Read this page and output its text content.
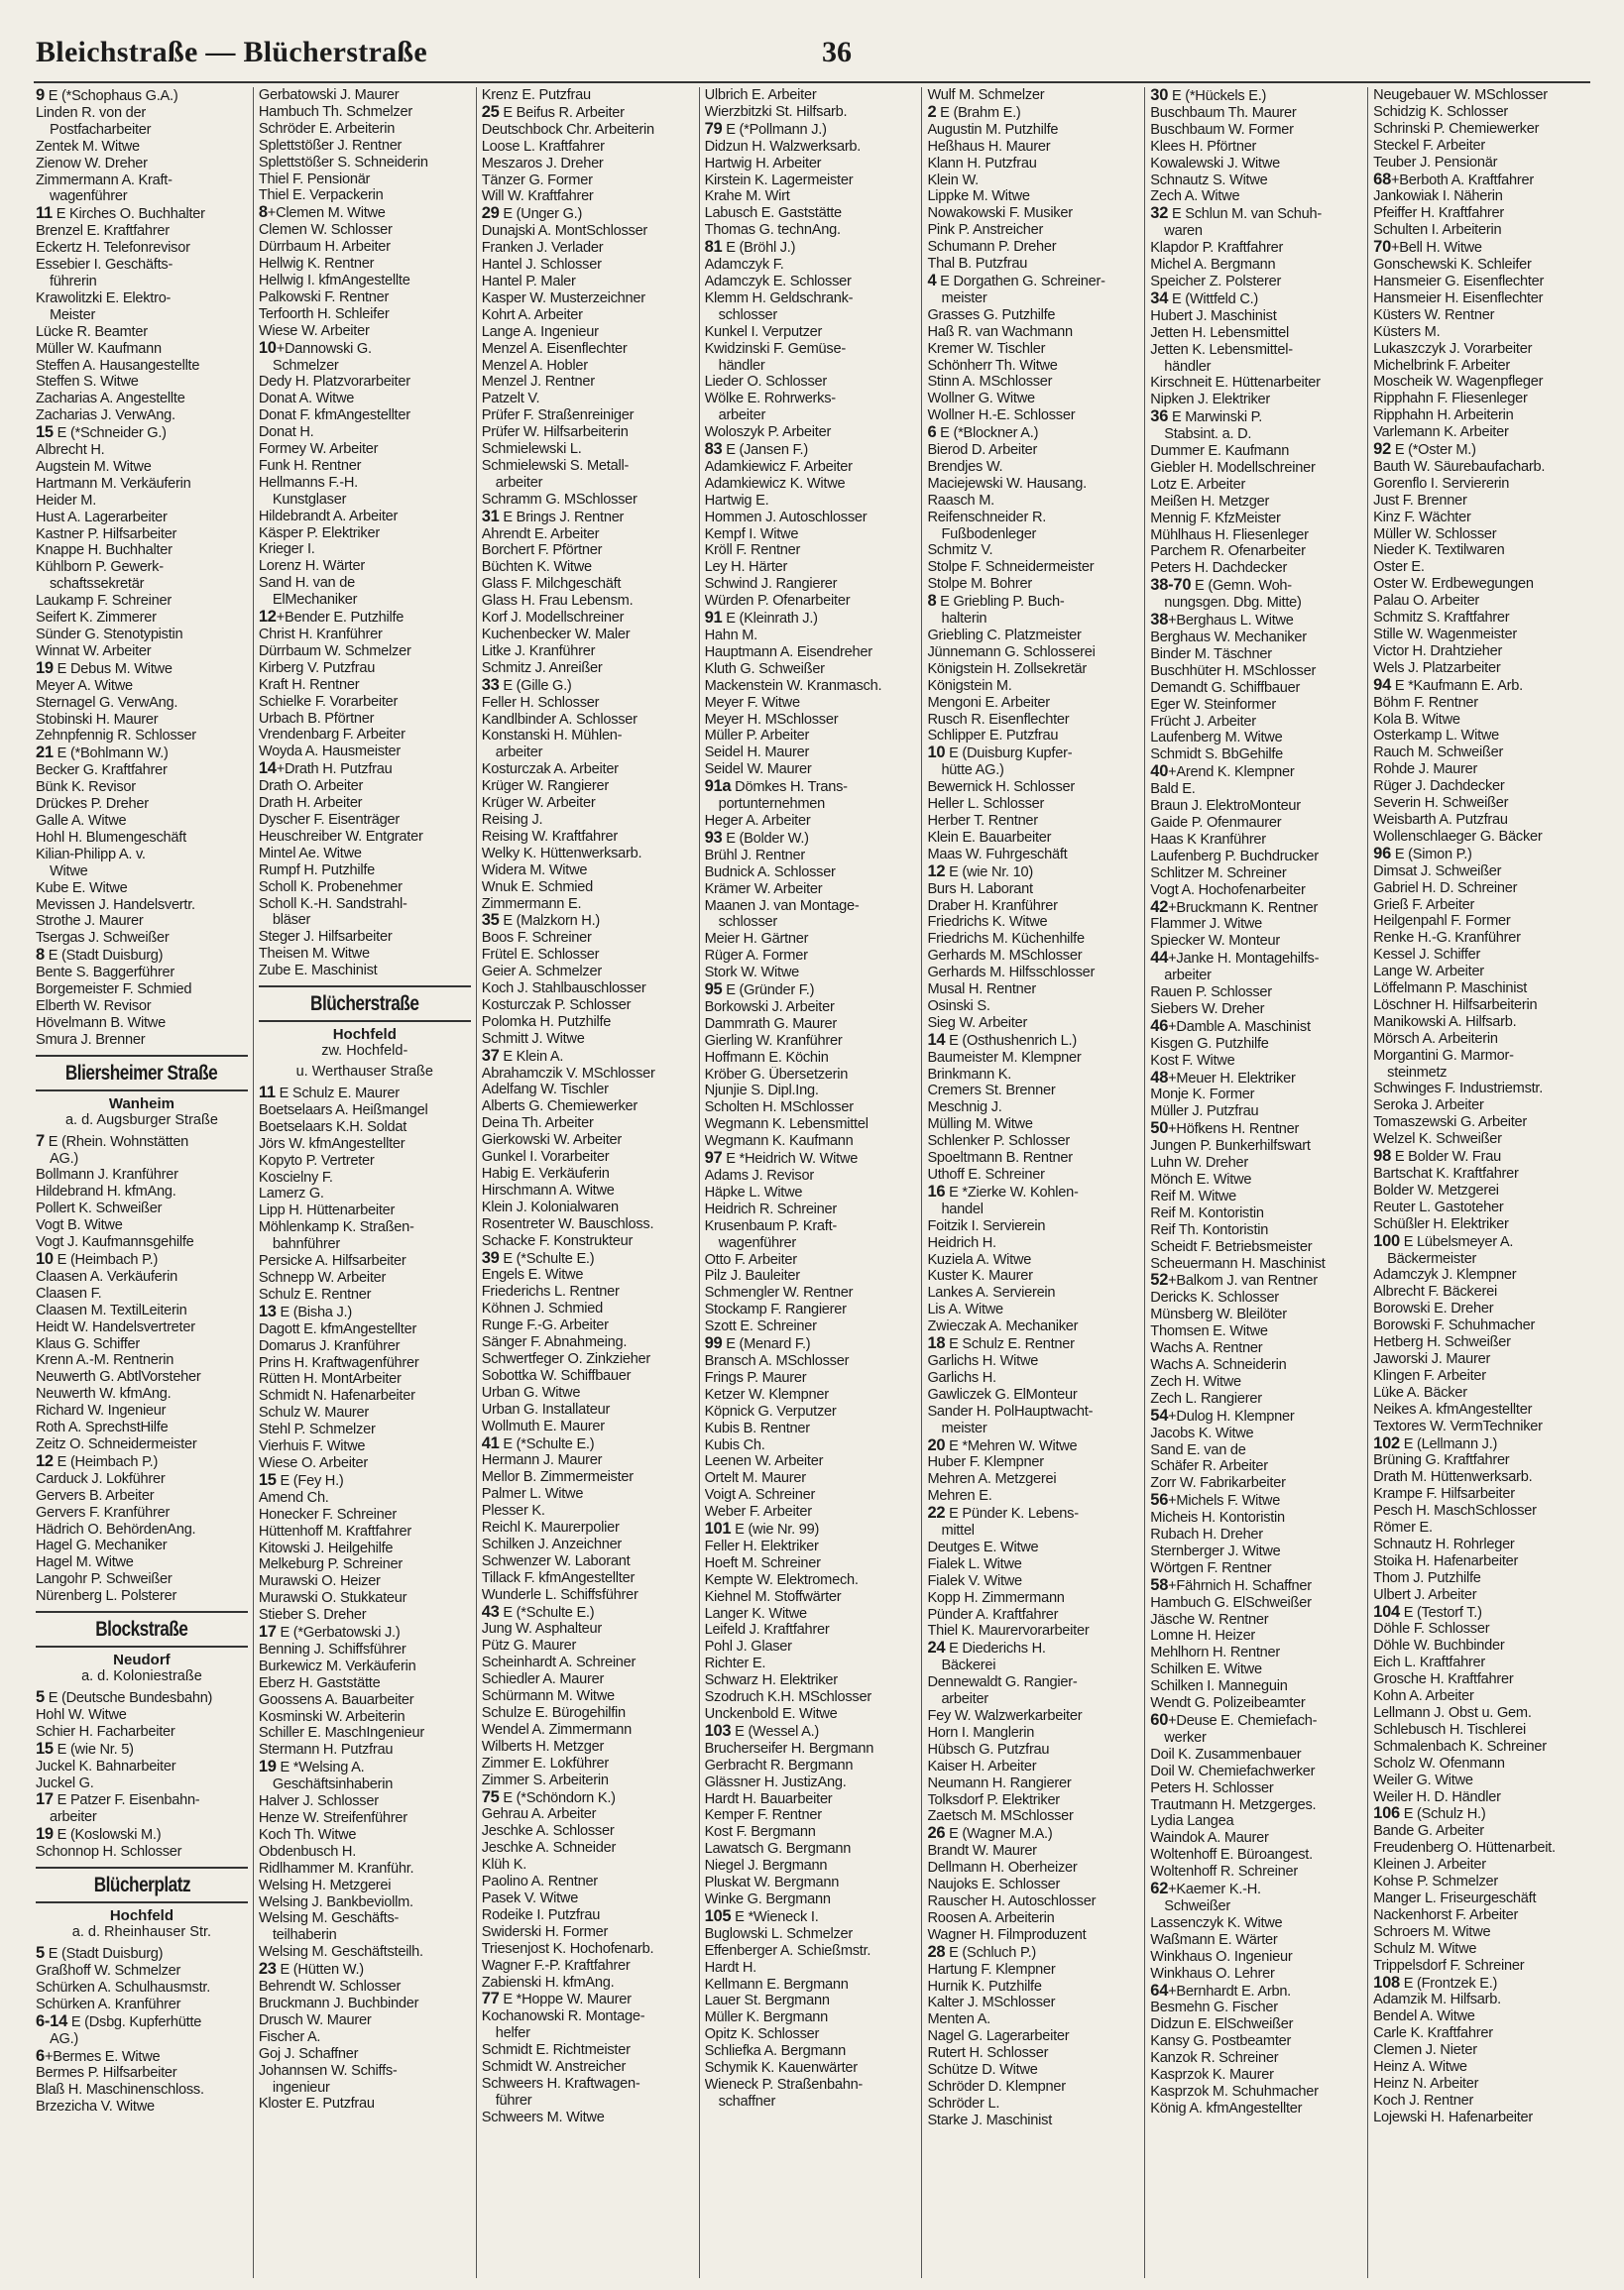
Bleichstraße — Blücherstraße	36
9 E (*Schophaus G.A.)
Linden R. von der
Postfacharbeiter
Zentek M. Witwe
Zienow W. Dreher
Zimmermann A. Kraft-
wagenführer
11 E Kirches O. Buchhalter
Brenzel E. Kraftfahrer
Eckertz H. Telefonrevisor
Essebier I. Geschäfts-
führerin
Krawolitzki E. Elektro-
Meister
Lücke R. Beamter
Müller W. Kaufmann
Steffen A. Hausangestellte
Steffen S. Witwe
Zacharias A. Angestellte
Zacharias J. VerwAng.
15 E (*Schneider G.)
Albrecht H.
Augstein M. Witwe
Hartmann M. Verkäuferin
Heider M.
Hust A. Lagerarbeiter
Kastner P. Hilfsarbeiter
Knappe H. Buchhalter
Kühlborn P. Gewerk-
schaftssekretär
Laukamp F. Schreiner
Seifert K. Zimmerer
Sünder G. Stenotypistin
Winnat W. Arbeiter
19 E Debus M. Witwe
Meyer A. Witwe
Sternagel G. VerwAng.
Stobinski H. Maurer
Zehnpfennig R. Schlosser
21 E (*Bohlmann W.)
Becker G. Kraftfahrer
Bünk K. Revisor
Drückes P. Dreher
Galle A. Witwe
Hohl H. Blumengeschäft
Kilian-Philipp A. v.
Witwe
Kube E. Witwe
Mevissen J. Handelsvertr.
Strothe J. Maurer
Tsergas J. Schweißer
8 E (Stadt Duisburg)
Bente S. Baggerführer
Borgemeister F. Schmied
Elberth W. Revisor
Hövelmann B. Witwe
Smura J. Brenner
Bliersheimer Straße
Wanheim
a. d. Augsburger Straße
7 E (Rhein. Wohnstätten
AG.)
Bollmann J. Kranführer
Hildebrand H. kfmAng.
Pollert K. Schweißer
Vogt B. Witwe
Vogt J. Kaufmannsgehilfe
10 E (Heimbach P.)
Claasen A. Verkäuferin
Claasen F.
Claasen M. TextilLeiterin
Heidt W. Handelsvertreter
Klaus G. Schiffer
Krenn A.-M. Rentnerin
Neuwerth G. AbtlVorsteher
Neuwerth W. kfmAng.
Richard W. Ingenieur
Roth A. SprechstHilfe
Zeitz O. Schneidermeister
12 E (Heimbach P.)
Carduck J. Lokführer
Gervers B. Arbeiter
Gervers F. Kranführer
Hädrich O. BehördenAng.
Hagel G. Mechaniker
Hagel M. Witwe
Langohr P. Schweißer
Nürenberg L. Polsterer
Blockstraße
Neudorf
a. d. Koloniestraße
5 E (Deutsche Bundesbahn)
Hohl W. Witwe
Schier H. Facharbeiter
15 E (wie Nr. 5)
Juckel K. Bahnarbeiter
Juckel G.
17 E Patzer F. Eisenbahn-
arbeiter
19 E (Koslowski M.)
Schonnop H. Schlosser
Blücherplatz
Hochfeld
a. d. Rheinhauser Str.
5 E (Stadt Duisburg)
Graßhoff W. Schmelzer
Schürken A. Schulhausmstr.
Schürken A. Kranführer
6-14 E (Dsbg. Kupferhütte
AG.)
6+Bermes E. Witwe
Bermes P. Hilfsarbeiter
Blaß H. Maschinenschloss.
Brzezicha V. Witwe
Gerbatowski J. Maurer
Hambuch Th. Schmelzer
Schröder E. Arbeiterin
Splettstößer J. Rentner
Splettstößer S. Schneiderin
Thiel F. Pensionär
Thiel E. Verpackerin
8+Clemen M. Witwe
Clemen W. Schlosser
Dürrbaum H. Arbeiter
Hellwig K. Rentner
Hellwig I. kfmAngestellte
Palkowski F. Rentner
Terfoorth H. Schleifer
Wiese W. Arbeiter
10+Dannowski G.
Schmelzer
Dedy H. Platzvorarbeiter
Donat A. Witwe
Donat F. kfmAngestellter
Donat H.
Formey W. Arbeiter
Funk H. Rentner
Hellmanns F.-H.
Kunstglaser
Hildebrandt A. Arbeiter
Käsper P. Elektriker
Krieger I.
Lorenz H. Wärter
Sand H. van de
ElMechaniker
12+Bender E. Putzhilfe
Christ H. Kranführer
Dürrbaum W. Schmelzer
Kirberg V. Putzfrau
Kraft H. Rentner
Schielke F. Vorarbeiter
Urbach B. Pförtner
Vrendenbarg F. Arbeiter
Woyda A. Hausmeister
14+Drath H. Putzfrau
Drath O. Arbeiter
Drath H. Arbeiter
Dyscher F. Eisenträger
Heuschreiber W. Entgrater
Mintel Ae. Witwe
Rumpf H. Putzhilfe
Scholl K. Probenehmer
Scholl K.-H. Sandstrahl-
bläser
Steger J. Hilfsarbeiter
Theisen M. Witwe
Zube E. Maschinist
Blücherstraße
Hochfeld
zw. Hochfeld-
u. Werthauser Straße
11 E Schulz E. Maurer
Boetselaars A. Heißmangel
Boetselaars K.H. Soldat
Jörs W. kfmAngestellter
Kopyto P. Vertreter
Koscielny F.
Lamerz G.
Lipp H. Hüttenarbeiter
Möhlenkamp K. Straßen-
bahnführer
Persicke A. Hilfsarbeiter
Schnepp W. Arbeiter
Schulz E. Rentner
13 E (Bisha J.)
Dagott E. kfmAngestellter
Domarus J. Kranführer
Prins H. Kraftwagenführer
Rütten H. MontArbeiter
Schmidt N. Hafenarbeiter
Schulz W. Maurer
Stehl P. Schmelzer
Vierhuis F. Witwe
Wiese O. Arbeiter
15 E (Fey H.)
Amend Ch.
Honecker F. Schreiner
Hüttenhoff M. Kraftfahrer
Kitowski J. Heilgehilfe
Melkeburg P. Schreiner
Murawski O. Heizer
Murawski O. Stukkateur
Stieber S. Dreher
17 E (*Gerbatowski J.)
Benning J. Schiffsführer
Burkewicz M. Verkäuferin
Eberz H. Gaststätte
Goossens A. Bauarbeiter
Kosminski W. Arbeiterin
Schiller E. MaschIngenieur
Stermann H. Putzfrau
19 E *Welsing A.
Geschäftsinhaberin
Halver J. Schlosser
Henze W. Streifenführer
Koch Th. Witwe
Obdenbusch H.
Ridlhammer M. Kranführ.
Welsing H. Metzgerei
Welsing J. Bankbeviollm.
Welsing M. Geschäfts-
teilhaberin
Welsing M. Geschäftsteilh.
23 E (Hütten W.)
Behrendt W. Schlosser
Bruckmann J. Buchbinder
Drusch W. Maurer
Fischer A.
Goj J. Schaffner
Johannsen W. Schiffs-
ingenieur
Kloster E. Putzfrau
Krenz E. Putzfrau
25 E Beifus R. Arbeiter
Deutschbock Chr. Arbeiterin
Loose L. Kraftfahrer
Meszaros J. Dreher
Tänzer G. Former
Will W. Kraftfahrer
29 E (Unger G.)
Dunajski A. MontSchlosser
Franken J. Verlader
Hantel J. Schlosser
Hantel P. Maler
Kasper W. Musterzeichner
Kohrt A. Arbeiter
Lange A. Ingenieur
Menzel A. Eisenflechter
Menzel A. Hobler
Menzel J. Rentner
Patzelt V.
Prüfer F. Straßenreiniger
Prüfer W. Hilfsarbeiterin
Schmielewski L.
Schmielewski S. Metall-
arbeiter
Schramm G. MSchlosser
31 E Brings J. Rentner
Ahrendt E. Arbeiter
Borchert F. Pförtner
Büchten K. Witwe
Glass F. Milchgeschäft
Glass H. Frau Lebensm.
Korf J. Modellschreiner
Kuchenbecker W. Maler
Litke J. Kranführer
Schmitz J. Anreißer
33 E (Gille G.)
Feller H. Schlosser
Kandlbinder A. Schlosser
Konstanski H. Mühlen-
arbeiter
Kosturczak A. Arbeiter
Krüger W. Rangierer
Krüger W. Arbeiter
Reising J.
Reising W. Kraftfahrer
Welky K. Hüttenwerksarb.
Widera M. Witwe
Wnuk E. Schmied
Zimmermann E.
35 E (Malzkorn H.)
Boos F. Schreiner
Frütel E. Schlosser
Geier A. Schmelzer
Koch J. Stahlbauschlosser
Kosturczak P. Schlosser
Polomka H. Putzhilfe
Schmitt J. Witwe
37 E Klein A.
Abrahamczik V. MSchlosser
Adelfang W. Tischler
Alberts G. Chemiewerker
Deina Th. Arbeiter
Gierkowski W. Arbeiter
Gunkel I. Vorarbeiter
Habig E. Verkäuferin
Hirschmann A. Witwe
Klein J. Kolonialwaren
Rosentreter W. Bauschloss.
Schacke F. Konstrukteur
39 E (*Schulte E.)
Engels E. Witwe
Friederichs L. Rentner
Köhnen J. Schmied
Runge F.-G. Arbeiter
Sänger F. Abnahmeing.
Schwertfeger O. Zinkzieher
Sobottka W. Schiffbauer
Urban G. Witwe
Urban G. Installateur
Wollmuth E. Maurer
41 E (*Schulte E.)
Hermann J. Maurer
Mellor B. Zimmermeister
Palmer L. Witwe
Plesser K.
Reichl K. Maurerpolier
Schilken J. Anzeichner
Schwenzer W. Laborant
Tillack F. kfmAngestellter
Wunderle L. Schiffsführer
43 E (*Schulte E.)
Jung W. Asphalteur
Pütz G. Maurer
Scheinhardt A. Schreiner
Schiedler A. Maurer
Schürmann M. Witwe
Schulze E. Bürogehilfin
Wendel A. Zimmermann
Wilberts H. Metzger
Zimmer E. Lokführer
Zimmer S. Arbeiterin
75 E (*Schöndorn K.)
Gehrau A. Arbeiter
Jeschke A. Schlosser
Jeschke A. Schneider
Klüh K.
Paolino A. Rentner
Pasek V. Witwe
Rodeike I. Putzfrau
Swiderski H. Former
Triesenjost K. Hochofenarb.
Wagner F.-P. Kraftfahrer
Zabienski H. kfmAng.
77 E *Hoppe W. Maurer
Kochanowski R. Montage-
helfer
Schmidt E. Richtmeister
Schmidt W. Anstreicher
Schweers H. Kraftwagen-
führer
Schweers M. Witwe
Ulbrich E. Arbeiter
Wierzbitzki St. Hilfsarb.
79 E (*Pollmann J.)
Didzun H. Walzwerksarb.
Hartwig H. Arbeiter
Kirstein K. Lagermeister
Krahe M. Wirt
Labusch E. Gaststätte
Thomas G. technAng.
81 E (Bröhl J.)
Adamczyk F.
Adamczyk E. Schlosser
Klemm H. Geldschrank-
schlosser
Kunkel I. Verputzer
Kwidzinski F. Gemüse-
händler
Lieder O. Schlosser
Wölke E. Rohrwerks-
arbeiter
Woloszyk P. Arbeiter
83 E (Jansen F.)
Adamkiewicz F. Arbeiter
Adamkiewicz K. Witwe
Hartwig E.
Hommen J. Autoschlosser
Kempf I. Witwe
Kröll F. Rentner
Ley H. Härter
Schwind J. Rangierer
Würden P. Ofenarbeiter
91 E (Kleinrath J.)
Hahn M.
Hauptmann A. Eisendreher
Kluth G. Schweißer
Mackenstein W. Kranmasch.
Meyer F. Witwe
Meyer H. MSchlosser
Müller P. Arbeiter
Seidel H. Maurer
Seidel W. Maurer
91a Dömkes H. Trans-
portunternehmen
Heger A. Arbeiter
93 E (Bolder W.)
Brühl J. Rentner
Budnick A. Schlosser
Krämer W. Arbeiter
Maanen J. van Montage-
schlosser
Meier H. Gärtner
Rüger A. Former
Stork W. Witwe
95 E (Gründer F.)
Borkowski J. Arbeiter
Dammrath G. Maurer
Gierling W. Kranführer
Hoffmann E. Köchin
Kröber G. Übersetzerin
Njunjie S. Dipl.Ing.
Scholten H. MSchlosser
Wegmann K. Lebensmittel
Wegmann K. Kaufmann
97 E *Heidrich W. Witwe
Adams J. Revisor
Häpke L. Witwe
Heidrich R. Schreiner
Krusenbaum P. Kraft-
wagenführer
Otto F. Arbeiter
Pilz J. Bauleiter
Schmengler W. Rentner
Stockamp F. Rangierer
Szott E. Schreiner
99 E (Menard F.)
Bransch A. MSchlosser
Frings P. Maurer
Ketzer W. Klempner
Köpnick G. Verputzer
Kubis B. Rentner
Kubis Ch.
Leenen W. Arbeiter
Ortelt M. Maurer
Voigt A. Schreiner
Weber F. Arbeiter
101 E (wie Nr. 99)
Feller H. Elektriker
Hoeft M. Schreiner
Kempte W. Elektromech.
Kiehnel M. Stoffwärter
Langer K. Witwe
Leifeld J. Kraftfahrer
Pohl J. Glaser
Richter E.
Schwarz H. Elektriker
Szodruch K.H. MSchlosser
Unckenbold E. Witwe
103 E (Wessel A.)
Brucherseifer H. Bergmann
Gerbracht R. Bergmann
Glässner H. JustizAng.
Hardt H. Bauarbeiter
Kemper F. Rentner
Kost F. Bergmann
Lawatsch G. Bergmann
Niegel J. Bergmann
Pluskat W. Bergmann
Winke G. Bergmann
105 E *Wieneck I.
Buglowski L. Schmelzer
Effenberger A. Schießmstr.
Hardt H.
Kellmann E. Bergmann
Lauer St. Bergmann
Müller K. Bergmann
Opitz K. Schlosser
Schliefka A. Bergmann
Schymik K. Kauenwärter
Wieneck P. Straßenbahn-
schaffner
Wulf M. Schmelzer
2 E (Brahm E.)
Augustin M. Putzhilfe
Heßhaus H. Maurer
Klann H. Putzfrau
Klein W.
Lippke M. Witwe
Nowakowski F. Musiker
Pink P. Anstreicher
Schumann P. Dreher
Thal B. Putzfrau
4 E Dorgathen G. Schreiner-
meister
Grasses G. Putzhilfe
Haß R. van Wachmann
Kremer W. Tischler
Schönherr Th. Witwe
Stinn A. MSchlosser
Wollner G. Witwe
Wollner H.-E. Schlosser
6 E (*Blockner A.)
Bierod D. Arbeiter
Brendjes W.
Maciejewski W. Hausang.
Raasch M.
Reifenschneider R.
Fußbodenleger
Schmitz V.
Stolpe F. Schneidermeister
Stolpe M. Bohrer
8 E Griebling P. Buch-
halterin
Griebling C. Platzmeister
Jünnemann G. Schlosserei
Königstein H. Zollsekretär
Königstein M.
Mengoni E. Arbeiter
Rusch R. Eisenflechter
Schlipper E. Putzfrau
10 E (Duisburg Kupfer-
hütte AG.)
Bewernick H. Schlosser
Heller L. Schlosser
Herber T. Rentner
Klein E. Bauarbeiter
Maas W. Fuhrgeschäft
12 E (wie Nr. 10)
Burs H. Laborant
Draber H. Kranführer
Friedrichs K. Witwe
Friedrichs M. Küchenhilfe
Gerhards M. MSchlosser
Gerhards M. Hilfsschlosser
Musal H. Rentner
Osinski S.
Sieg W. Arbeiter
14 E (Osthushenrich L.)
Baumeister M. Klempner
Brinkmann K.
Cremers St. Brenner
Meschnig J.
Mülling M. Witwe
Schlenker P. Schlosser
Spoeltmann B. Rentner
Uthoff E. Schreiner
16 E *Zierke W. Kohlen-
handel
Foitzik I. Servierein
Heidrich H.
Kuziela A. Witwe
Kuster K. Maurer
Lankes A. Servierein
Lis A. Witwe
Zwieczak A. Mechaniker
18 E Schulz E. Rentner
Garlichs H. Witwe
Garlichs H.
Gawliczek G. ElMonteur
Sander H. PolHauptwacht-
meister
20 E *Mehren W. Witwe
Huber F. Klempner
Mehren A. Metzgerei
Mehren E.
22 E Pünder K. Lebens-
mittel
Deutges E. Witwe
Fialek L. Witwe
Fialek V. Witwe
Kopp H. Zimmermann
Pünder A. Kraftfahrer
Thiel K. Maurervorarbeiter
24 E Diederichs H.
Bäckerei
Dennewaldt G. Rangier-
arbeiter
Fey W. Walzwerkarbeiter
Horn I. Manglerin
Hübsch G. Putzfrau
Kaiser H. Arbeiter
Neumann H. Rangierer
Tolksdorf P. Elektriker
Zaetsch M. MSchlosser
26 E (Wagner M.A.)
Brandt W. Maurer
Dellmann H. Oberheizer
Naujoks E. Schlosser
Rauscher H. Autoschlosser
Roosen A. Arbeiterin
Wagner H. Filmproduzent
28 E (Schluch P.)
Hartung F. Klempner
Hurnik K. Putzhilfe
Kalter J. MSchlosser
Menten A.
Nagel G. Lagerarbeiter
Rutert H. Schlosser
Schütze D. Witwe
Schröder D. Klempner
Schröder L.
Starke J. Maschinist
30 E (*Hückels E.)
Buschbaum Th. Maurer
Buschbaum W. Former
Klees H. Pförtner
Kowalewski J. Witwe
Schnautz S. Witwe
Zech A. Witwe
32 E Schlun M. van Schuh-
waren
Klapdor P. Kraftfahrer
Michel A. Bergmann
Speicher Z. Polsterer
34 E (Wittfeld C.)
Hubert J. Maschinist
Jetten H. Lebensmittel
Jetten K. Lebensmittel-
händler
Kirschneit E. Hüttenarbeiter
Nipken J. Elektriker
36 E Marwinski P.
Stabsint. a. D.
Dummer E. Kaufmann
Giebler H. Modellschreiner
Lotz E. Arbeiter
Meißen H. Metzger
Mennig F. KfzMeister
Mühlhaus H. Fliesenleger
Parchem R. Ofenarbeiter
Peters H. Dachdecker
38-70 E (Gemn. Woh-
nungsgen. Dbg. Mitte)
38+Berghaus L. Witwe
Berghaus W. Mechaniker
Binder M. Täschner
Buschhüter H. MSchlosser
Demandt G. Schiffbauer
Eger W. Steinformer
Frücht J. Arbeiter
Laufenberg M. Witwe
Schmidt S. BbGehilfe
40+Arend K. Klempner
Bald E.
Braun J. ElektroMonteur
Gaide P. Ofenmaurer
Haas K Kranführer
Laufenberg P. Buchdrucker
Schlitzer M. Schreiner
Vogt A. Hochofenarbeiter
42+Bruckmann K. Rentner
Flammer J. Witwe
Spiecker W. Monteur
44+Janke H. Montagehilfs-
arbeiter
Rauen P. Schlosser
Siebers W. Dreher
46+Damble A. Maschinist
Kisgen G. Putzhilfe
Kost F. Witwe
48+Meuer H. Elektriker
Monje K. Former
Müller J. Putzfrau
50+Höfkens H. Rentner
Jungen P. Bunkerhilfswart
Luhn W. Dreher
Mönch E. Witwe
Reif M. Witwe
Reif M. Kontoristin
Reif Th. Kontoristin
Scheidt F. Betriebsmeister
Scheuermann H. Maschinist
52+Balkom J. van Rentner
Dericks K. Schlosser
Münsberg W. Bleilöter
Thomsen E. Witwe
Wachs A. Rentner
Wachs A. Schneiderin
Zech H. Witwe
Zech L. Rangierer
54+Dulog H. Klempner
Jacobs K. Witwe
Sand E. van de
Schäfer R. Arbeiter
Zorr W. Fabrikarbeiter
56+Michels F. Witwe
Micheis H. Kontoristin
Rubach H. Dreher
Sternberger J. Witwe
Wörtgen F. Rentner
58+Fährnich H. Schaffner
Hambuch G. ElSchweißer
Jäsche W. Rentner
Lomne H. Heizer
Mehlhorn H. Rentner
Schilken E. Witwe
Schilken I. Manneguin
Wendt G. Polizeibeamter
60+Deuse E. Chemiefach-
werker
Doil K. Zusammenbauer
Doil W. Chemiefachwerker
Peters H. Schlosser
Trautmann H. Metzgerges.
Lydia Langea
Waindok A. Maurer
Woltenhoff E. Büroangest.
Woltenhoff R. Schreiner
62+Kaemer K.-H.
Schweißer
Lassenczyk K. Witwe
Waßmann E. Wärter
Winkhaus O. Ingenieur
Winkhaus O. Lehrer
64+Bernhardt E. Arbn.
Besmehn G. Fischer
Didzun E. ElSchweißer
Kansy G. Postbeamter
Kanzok R. Schreiner
Kasprzok K. Maurer
Kasprzok M. Schuhmacher
König A. kfmAngestellter
Neugebauer W. MSchlosser
Schidzig K. Schlosser
Schrinski P. Chemiewerker
Steckel F. Arbeiter
Teuber J. Pensionär
68+Berboth A. Kraftfahrer
Jankowiak I. Näherin
Pfeiffer H. Kraftfahrer
Schulten I. Arbeiterin
70+Bell H. Witwe
Gonschewski K. Schleifer
Hansmeier G. Eisenflechter
Hansmeier H. Eisenflechter
Küsters W. Rentner
Küsters M.
Lukaszczyk J. Vorarbeiter
Michelbrink F. Arbeiter
Moscheik W. Wagenpfleger
Ripphahn F. Fliesenleger
Ripphahn H. Arbeiterin
Varlemann K. Arbeiter
92 E (*Oster M.)
Bauth W. Säurebaufacharb.
Gorenflo I. Serviererin
Just F. Brenner
Kinz F. Wächter
Müller W. Schlosser
Nieder K. Textilwaren
Oster E.
Oster W. Erdbewegungen
Palau O. Arbeiter
Schmitz S. Kraftfahrer
Stille W. Wagenmeister
Victor H. Drahtzieher
Wels J. Platzarbeiter
94 E *Kaufmann E. Arb.
Böhm F. Rentner
Kola B. Witwe
Osterkamp L. Witwe
Rauch M. Schweißer
Rohde J. Maurer
Rüger J. Dachdecker
Severin H. Schweißer
Weisbarth A. Putzfrau
Wollenschlaeger G. Bäcker
96 E (Simon P.)
Dimsat J. Schweißer
Gabriel H. D. Schreiner
Grieß F. Arbeiter
Heilgenpahl F. Former
Renke H.-G. Kranführer
Kessel J. Schiffer
Lange W. Arbeiter
Löffelmann P. Maschinist
Löschner H. Hilfsarbeiterin
Manikowski A. Hilfsarb.
Mörsch A. Arbeiterin
Morgantini G. Marmor-
steinmetz
Schwinges F. Industriemstr.
Seroka J. Arbeiter
Tomaszewski G. Arbeiter
Welzel K. Schweißer
98 E Bolder W. Frau
Bartschat K. Kraftfahrer
Bolder W. Metzgerei
Reuter L. Gastoteher
Schüßler H. Elektriker
100 E Lübelsmeyer A.
Bäckermeister
Adamczyk J. Klempner
Albrecht F. Bäckerei
Borowski E. Dreher
Borowski F. Schuhmacher
Hetberg H. Schweißer
Jaworski J. Maurer
Klingen F. Arbeiter
Lüke A. Bäcker
Neikes A. kfmAngestellter
Textores W. VermTechniker
102 E (Lellmann J.)
Brüning G. Kraftfahrer
Drath M. Hüttenwerksarb.
Krampe F. Hilfsarbeiter
Pesch H. MaschSchlosser
Römer E.
Schnautz H. Rohrleger
Stoika H. Hafenarbeiter
Thom J. Putzhilfe
Ulbert J. Arbeiter
104 E (Testorf T.)
Döhle F. Schlosser
Döhle W. Buchbinder
Eich L. Kraftfahrer
Grosche H. Kraftfahrer
Kohn A. Arbeiter
Lellmann J. Obst u. Gem.
Schlebusch H. Tischlerei
Schmalenbach K. Schreiner
Scholz W. Ofenmann
Weiler G. Witwe
Weiler H. D. Händler
106 E (Schulz H.)
Bande G. Arbeiter
Freudenberg O. Hüttenarbeit.
Kleinen J. Arbeiter
Kohse P. Schmelzer
Manger L. Friseurgeschäft
Nackenhorst F. Arbeiter
Schroers M. Witwe
Schulz M. Witwe
Trippelsdorf F. Schreiner
108 E (Frontzek E.)
Adamzik M. Hilfsarb.
Bendel A. Witwe
Carle K. Kraftfahrer
Clemen J. Nieter
Heinz A. Witwe
Heinz N. Arbeiter
Koch J. Rentner
Lojewski H. Hafenarbeiter
